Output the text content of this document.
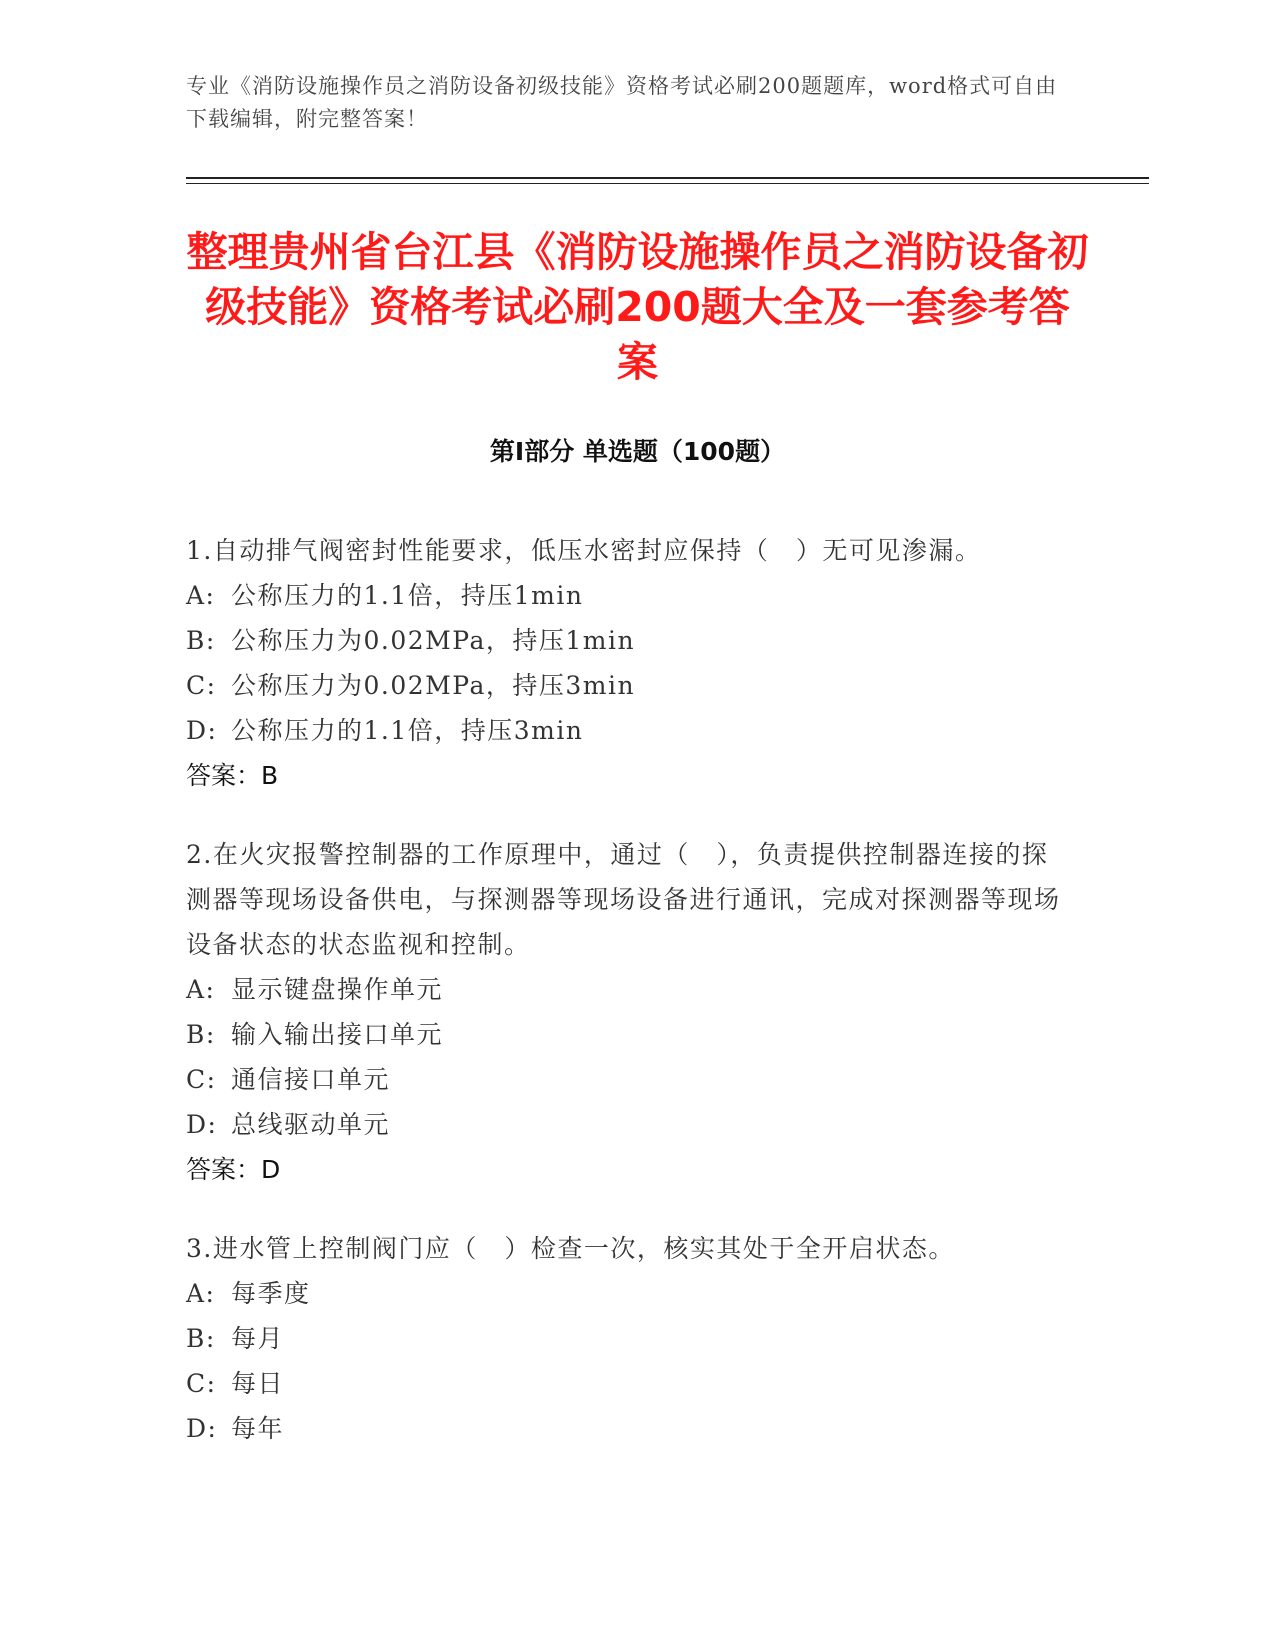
专业《消防设施操作员之消防设备初级技能》资格考试必刷200题题库，word格式可自由下载编辑，附完整答案！
整理贵州省台江县《消防设施操作员之消防设备初级技能》资格考试必刷200题大全及一套参考答案
第Ⅰ部分 单选题（100题）
1.自动排气阀密封性能要求，低压水密封应保持（　）无可见渗漏。
A: 公称压力的1.1倍，持压1min
B: 公称压力为0.02MPa，持压1min
C: 公称压力为0.02MPa，持压3min
D: 公称压力的1.1倍，持压3min
答案：B
2.在火灾报警控制器的工作原理中，通过（　），负责提供控制器连接的探测器等现场设备供电，与探测器等现场设备进行通讯，完成对探测器等现场设备状态的状态监视和控制。
A: 显示键盘操作单元
B: 输入输出接口单元
C: 通信接口单元
D: 总线驱动单元
答案：D
3.进水管上控制阀门应（　）检查一次，核实其处于全开启状态。
A: 每季度
B: 每月
C: 每日
D: 每年
